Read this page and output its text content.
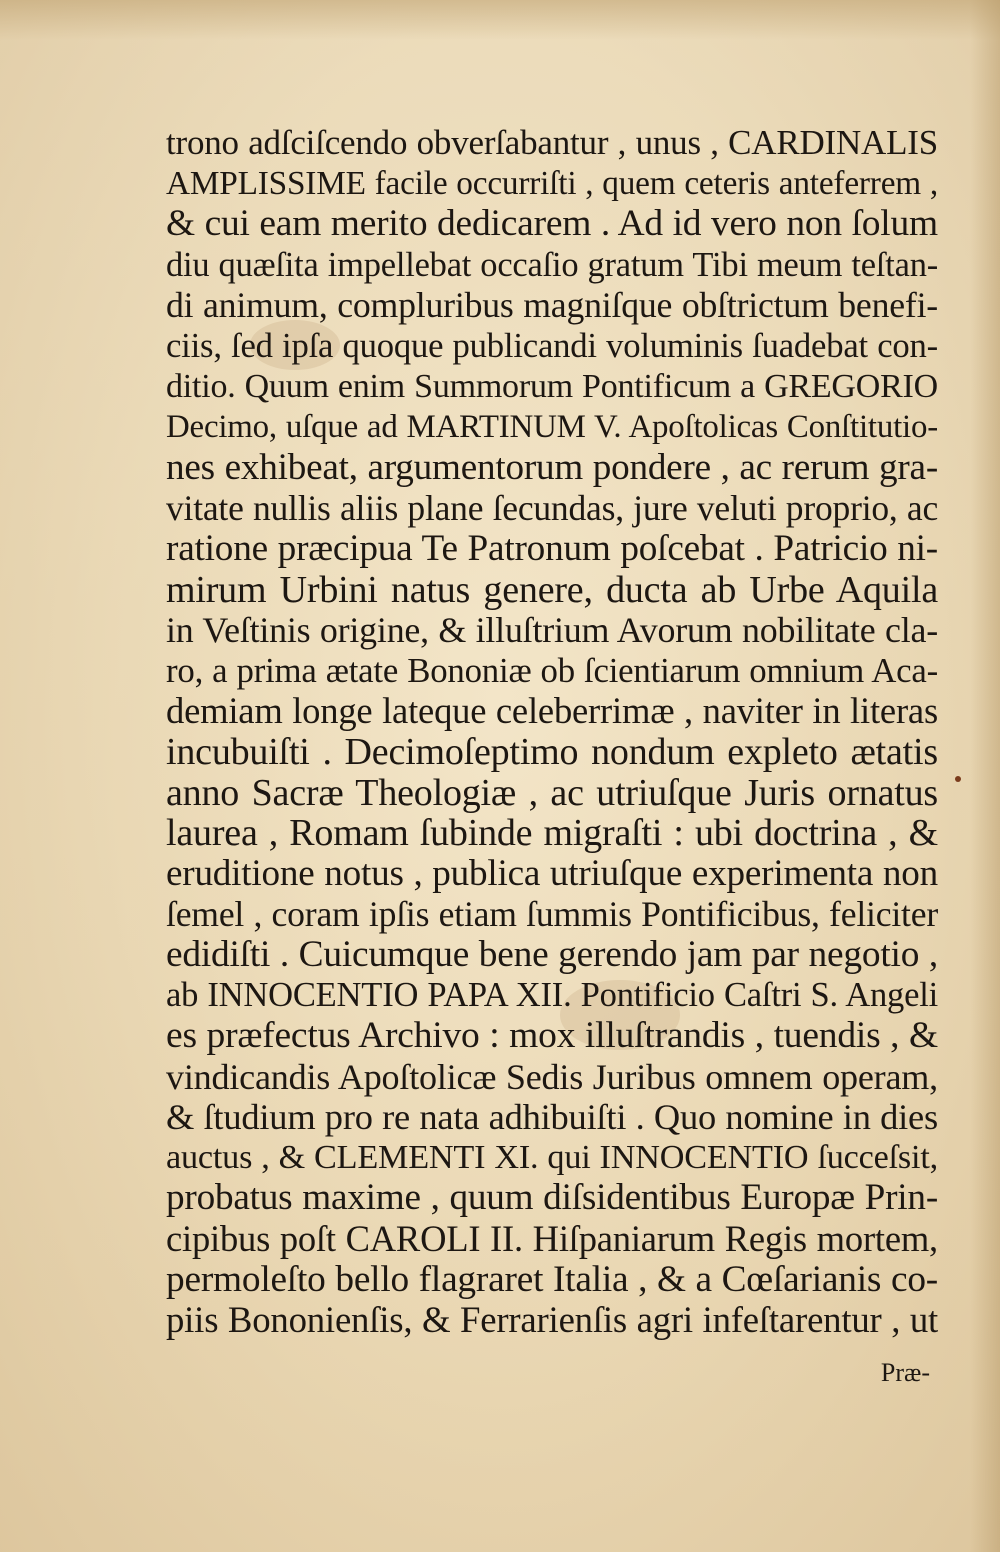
trono adſciſcendo obverſabantur , unus , CARDINALIS
AMPLISSIME facile occurriſti , quem ceteris anteferrem ,
& cui eam merito dedicarem . Ad id vero non ſolum
diu quæſita impellebat occaſio gratum Tibi meum teſtan-
di animum, compluribus magniſque obſtrictum benefi-
ciis, ſed ipſa quoque publicandi voluminis ſuadebat con-
ditio. Quum enim Summorum Pontificum a GREGORIO
Decimo, uſque ad MARTINUM V. Apoſtolicas Conſtitutio-
nes exhibeat, argumentorum pondere , ac rerum gra-
vitate nullis aliis plane ſecundas, jure veluti proprio, ac
ratione præcipua Te Patronum poſcebat . Patricio ni-
mirum Urbini natus genere, ducta ab Urbe Aquila
in Veſtinis origine, & illuſtrium Avorum nobilitate cla-
ro, a prima ætate Bononiæ ob ſcientiarum omnium Aca-
demiam longe lateque celeberrimæ , naviter in literas
incubuiſti . Decimoſeptimo nondum expleto ætatis
anno Sacræ Theologiæ , ac utriuſque Juris ornatus
laurea , Romam ſubinde migraſti : ubi doctrina , &
eruditione notus , publica utriuſque experimenta non
ſemel , coram ipſis etiam ſummis Pontificibus, feliciter
edidiſti . Cuicumque bene gerendo jam par negotio ,
ab INNOCENTIO PAPA XII. Pontificio Caſtri S. Angeli
es præfectus Archivo : mox illuſtrandis , tuendis , &
vindicandis Apoſtolicæ Sedis Juribus omnem operam,
& ſtudium pro re nata adhibuiſti . Quo nomine in dies
auctus , & CLEMENTI XI. qui INNOCENTIO ſucceſsit,
probatus maxime , quum diſsidentibus Europæ Prin-
cipibus poſt CAROLI II. Hiſpaniarum Regis mortem,
permoleſto bello flagraret Italia , & a Cœſarianis co-
piis Bononienſis, & Ferrarienſis agri infeſtarentur , ut
Præ-
